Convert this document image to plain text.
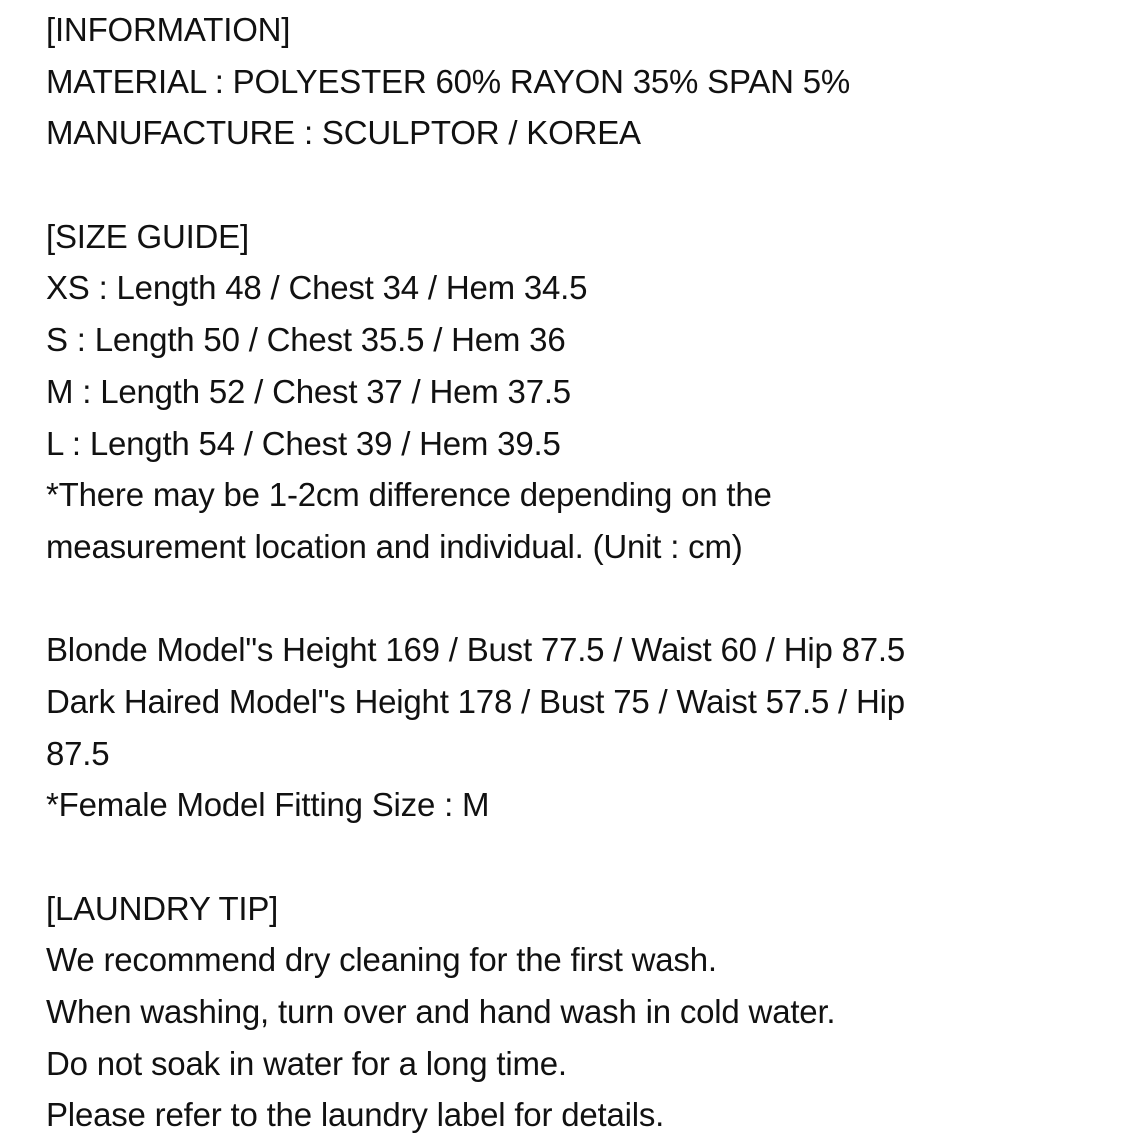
[INFORMATION]
MATERIAL : POLYESTER 60% RAYON 35% SPAN 5%
MANUFACTURE : SCULPTOR / KOREA
[SIZE GUIDE]
XS : Length 48 / Chest 34 / Hem 34.5
S : Length 50 / Chest 35.5 / Hem 36
M : Length 52 / Chest 37 / Hem 37.5
L : Length 54 / Chest 39 / Hem 39.5
*There may be 1-2cm difference depending on the
measurement location and individual. (Unit : cm)
Blonde Model"s Height 169 / Bust 77.5 / Waist 60 / Hip 87.5
Dark Haired Model"s Height 178 / Bust 75 / Waist 57.5 / Hip
87.5
*Female Model Fitting Size : M
[LAUNDRY TIP]
We recommend dry cleaning for the first wash.
When washing, turn over and hand wash in cold water.
Do not soak in water for a long time.
Please refer to the laundry label for details.
